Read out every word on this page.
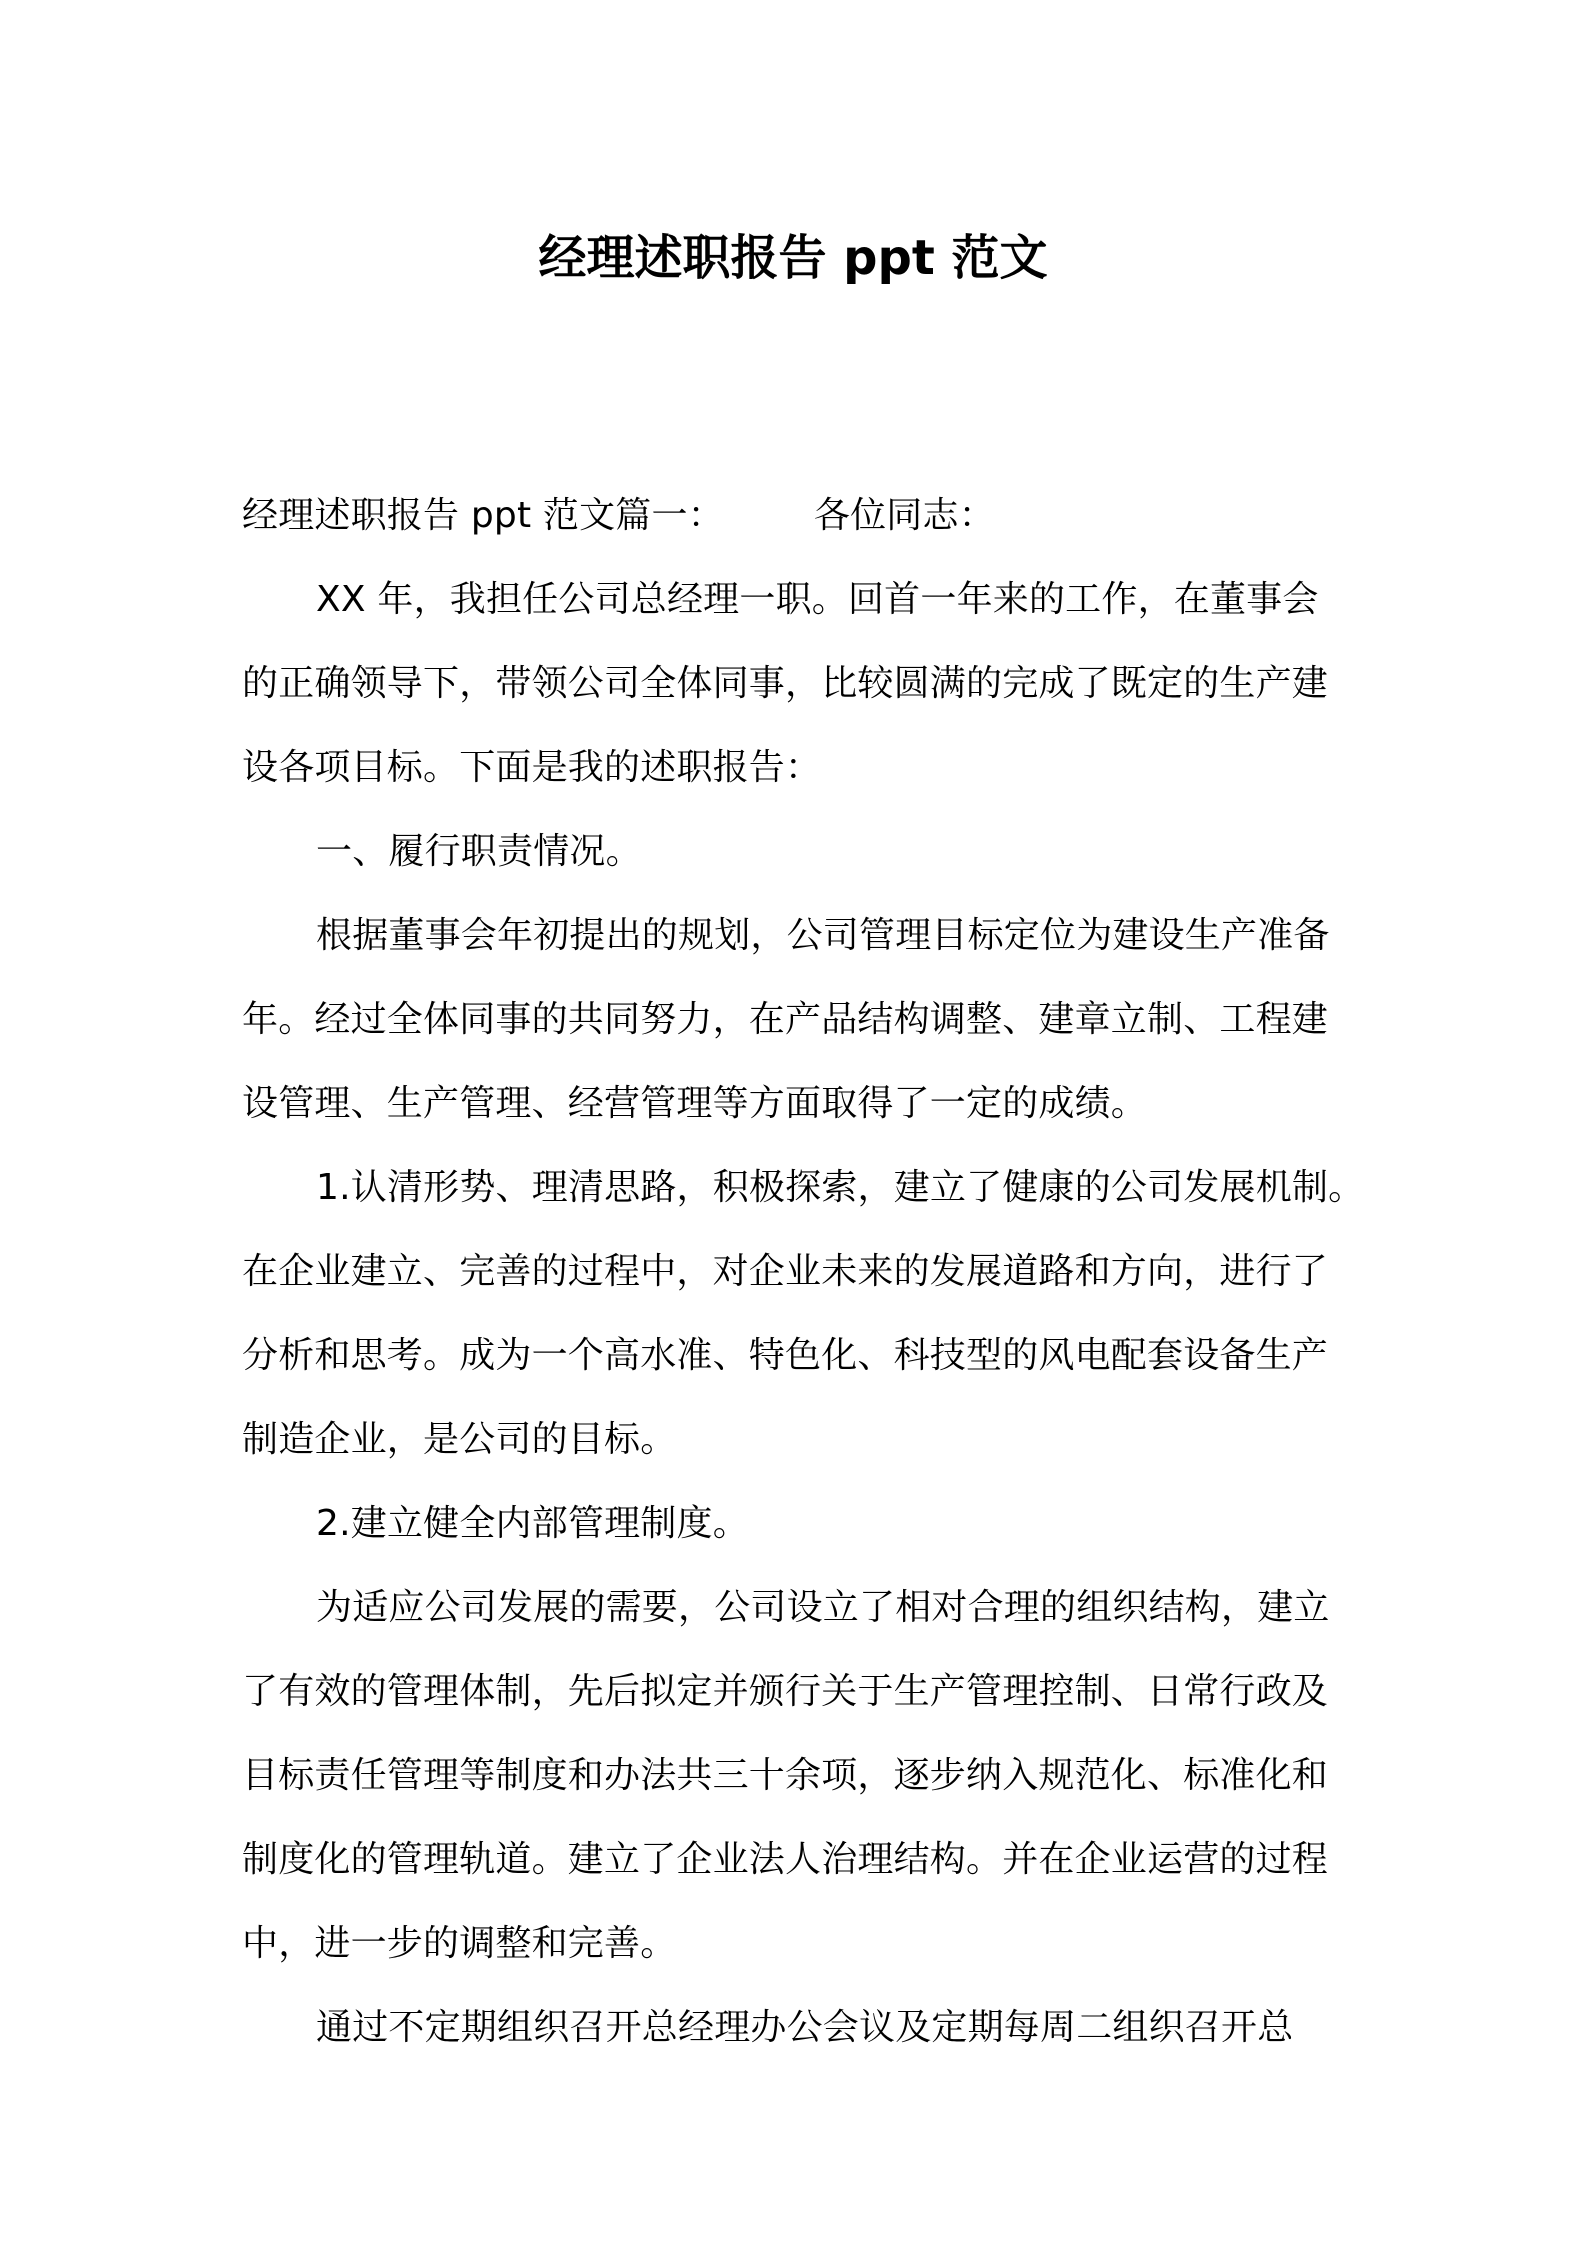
经理述职报告 ppt 范文
经理述职报告 ppt 范文篇一：	各位同志：
XX 年，我担任公司总经理一职。回首一年来的工作，在董事会
的正确领导下，带领公司全体同事，比较圆满的完成了既定的生产建
设各项目标。下面是我的述职报告：
一、履行职责情况。
根据董事会年初提出的规划，公司管理目标定位为建设生产准备
年。经过全体同事的共同努力，在产品结构调整、建章立制、工程建
设管理、生产管理、经营管理等方面取得了一定的成绩。
1.认清形势、理清思路，积极探索，建立了健康的公司发展机制。
在企业建立、完善的过程中，对企业未来的发展道路和方向，进行了
分析和思考。成为一个高水准、特色化、科技型的风电配套设备生产
制造企业，是公司的目标。
2.建立健全内部管理制度。
为适应公司发展的需要，公司设立了相对合理的组织结构，建立
了有效的管理体制，先后拟定并颁行关于生产管理控制、日常行政及
目标责任管理等制度和办法共三十余项，逐步纳入规范化、标准化和
制度化的管理轨道。建立了企业法人治理结构。并在企业运营的过程
中，进一步的调整和完善。
通过不定期组织召开总经理办公会议及定期每周二组织召开总
